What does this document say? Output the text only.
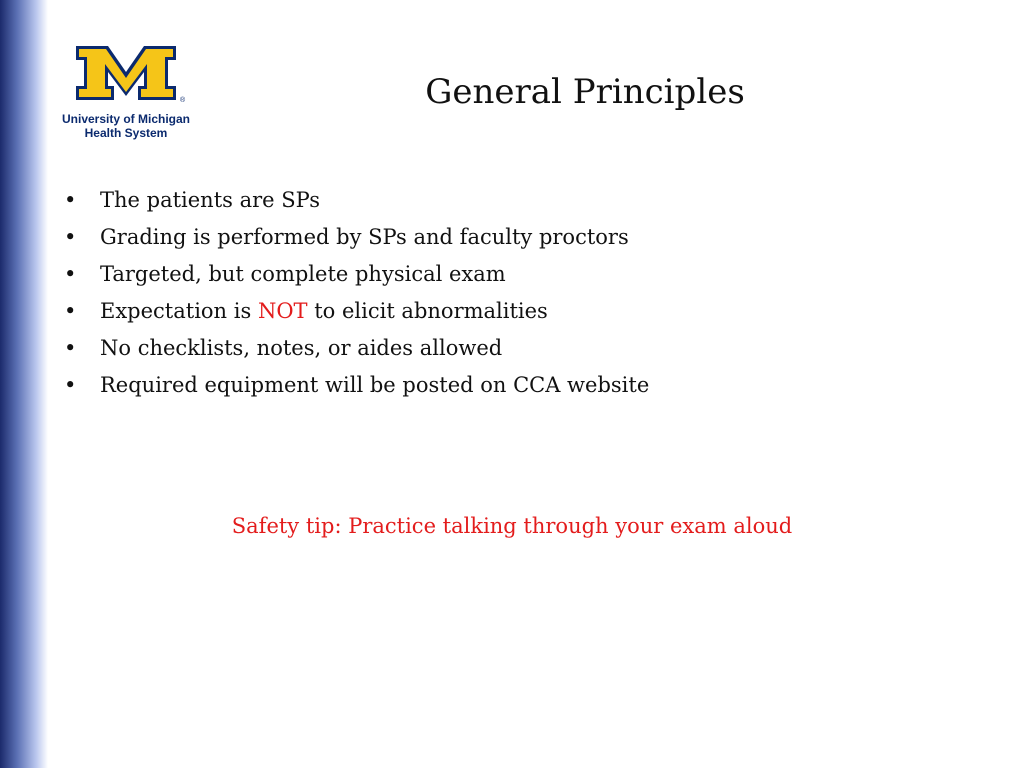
®
University of Michigan
Health System
General Principles
• The patients are SPs
• Grading is performed by SPs and faculty proctors
• Targeted, but complete physical exam
• Expectation is NOT to elicit abnormalities
• No checklists, notes, or aides allowed
• Required equipment will be posted on CCA website
Safety tip: Practice talking through your exam aloud
